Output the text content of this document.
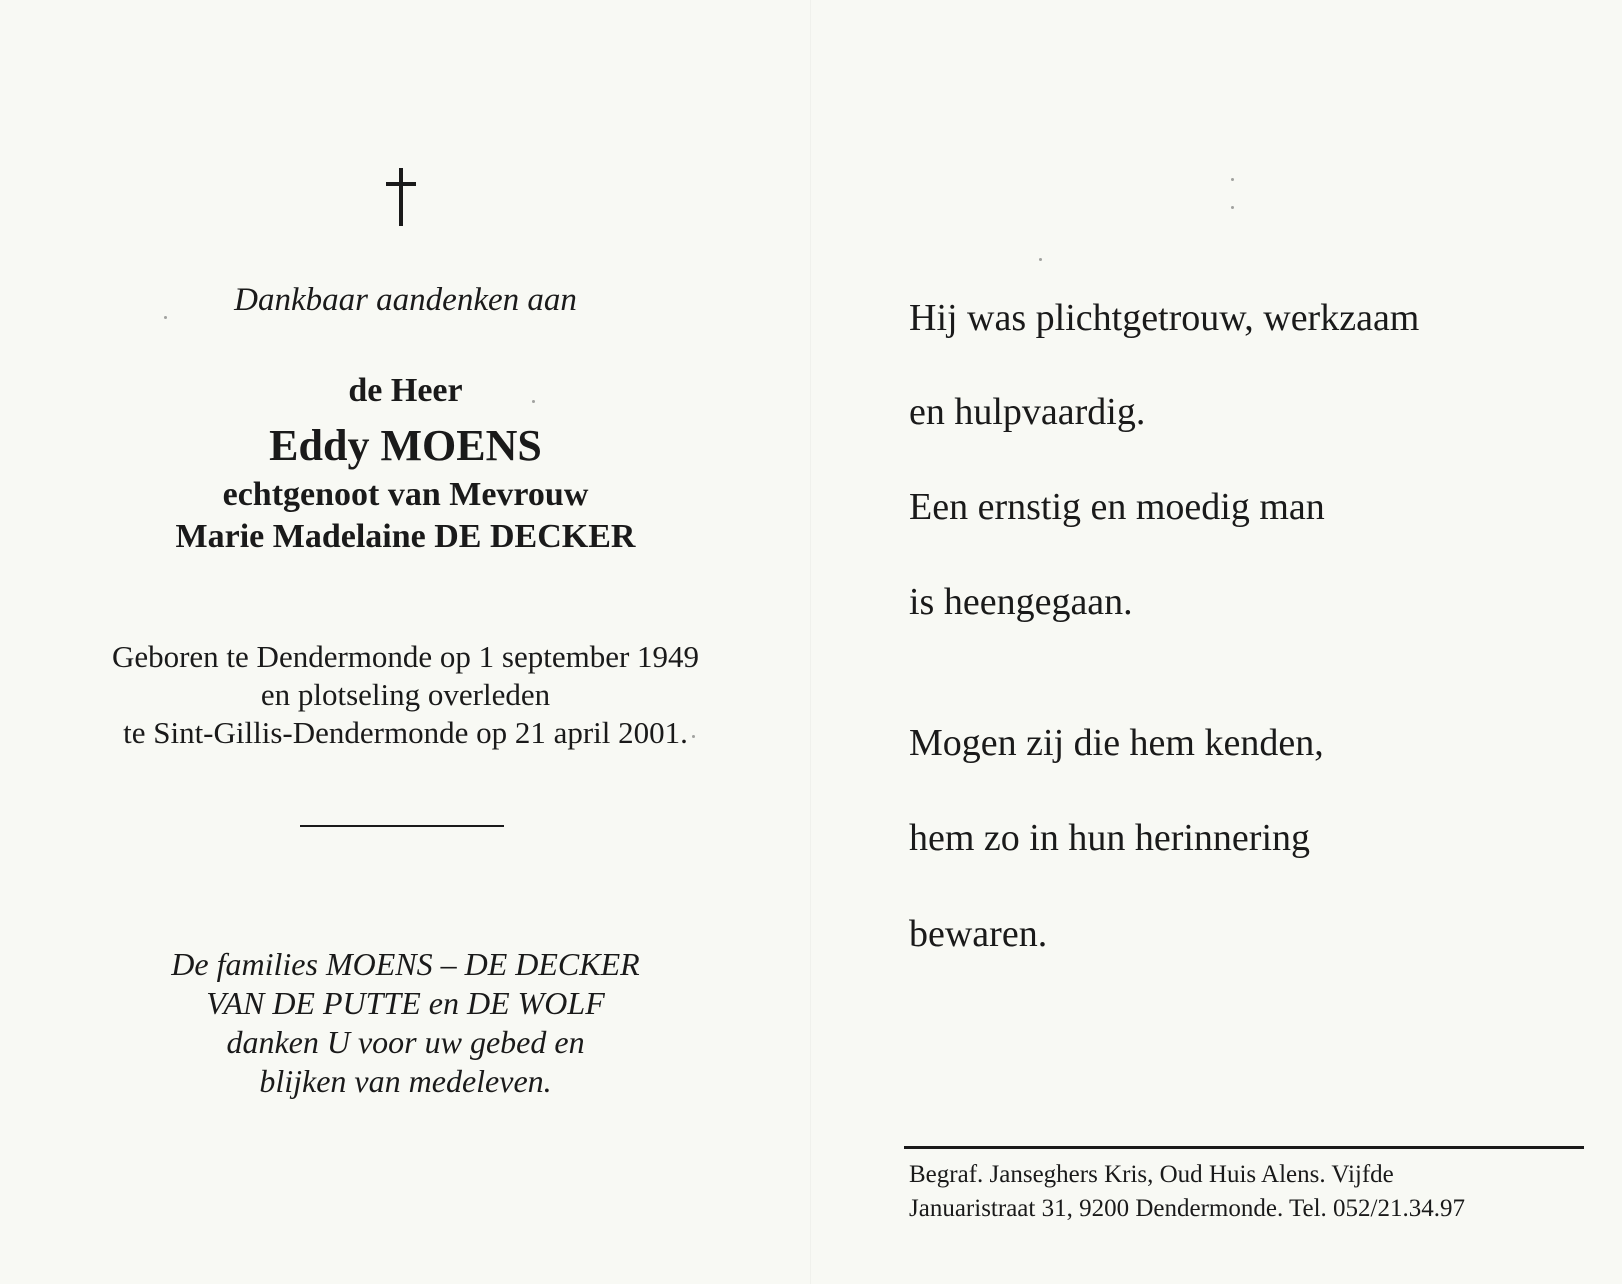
Dankbaar aandenken aan
de Heer
Eddy MOENS
echtgenoot van Mevrouw
Marie Madelaine DE DECKER
Geboren te Dendermonde op 1 september 1949
en plotseling overleden
te Sint-Gillis-Dendermonde op 21 april 2001.
De families MOENS – DE DECKER
VAN DE PUTTE en DE WOLF
danken U voor uw gebed en
blijken van medeleven.
Hij was plichtgetrouw, werkzaam
en hulpvaardig.
Een ernstig en moedig man
is heengegaan.
Mogen zij die hem kenden,
hem zo in hun herinnering
bewaren.
Begraf. Janseghers Kris, Oud Huis Alens. Vijfde
Januaristraat 31, 9200 Dendermonde. Tel. 052/21.34.97
